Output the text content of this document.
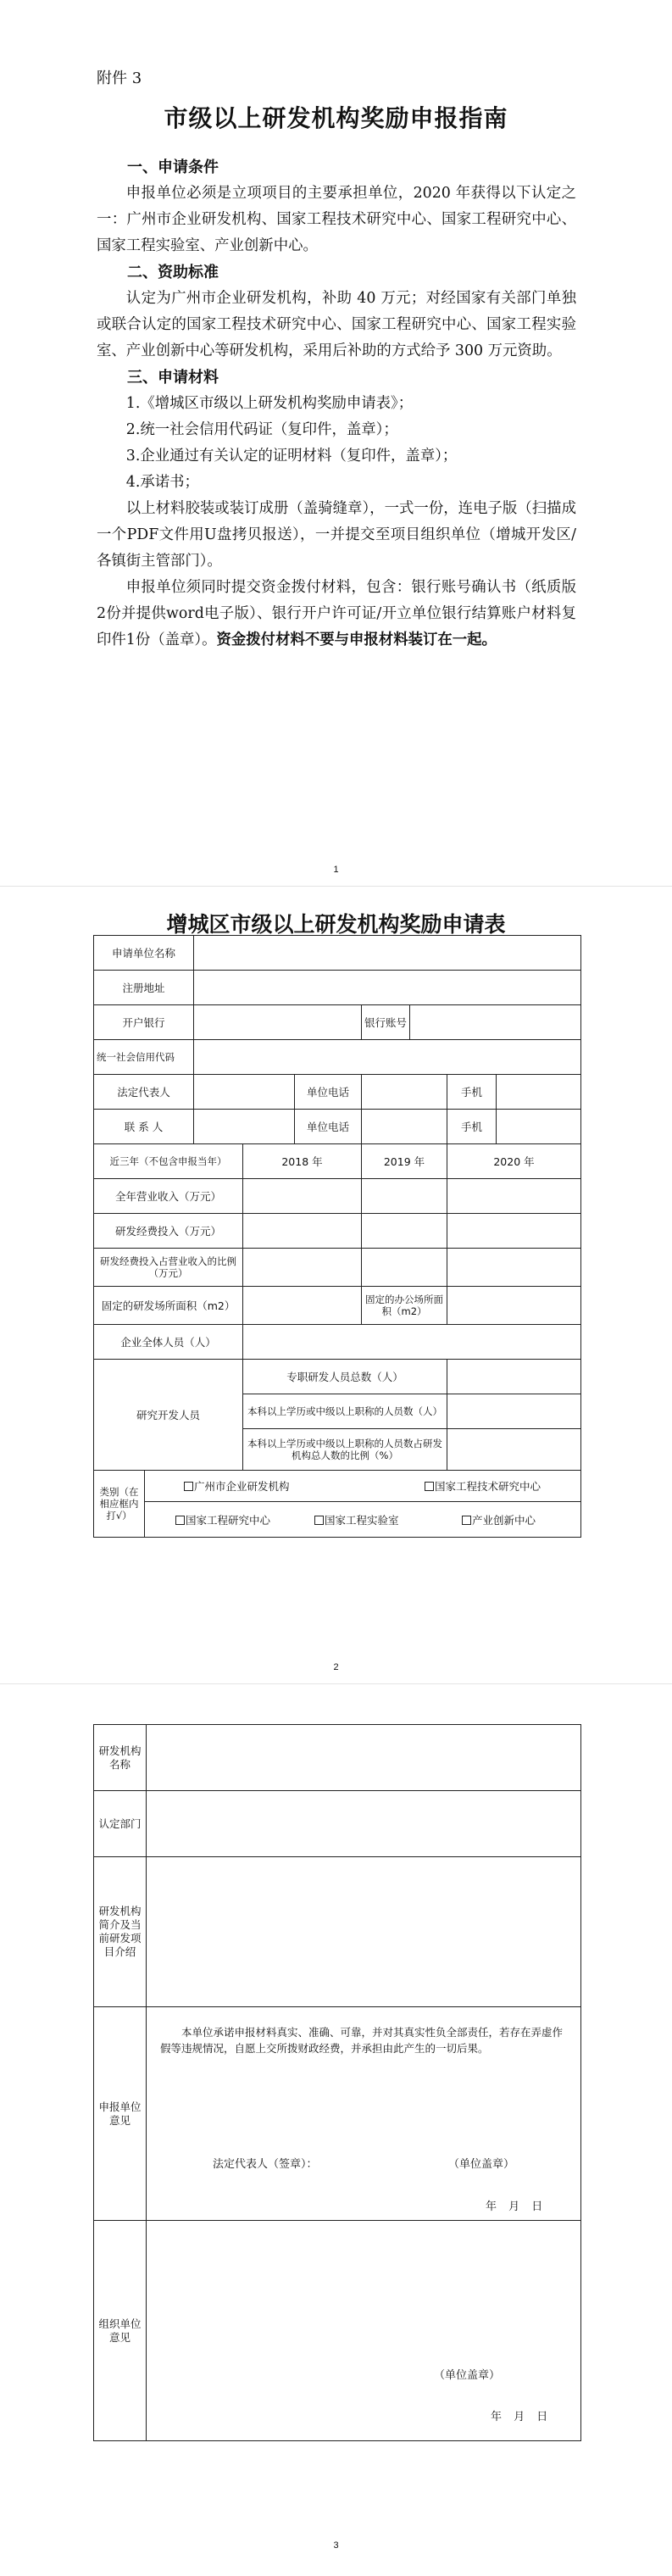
附件 3
市级以上研发机构奖励申报指南

一、申请条件

申报单位必须是立项项目的主要承担单位，2020 年获得以下认定之一：广州市企业研发机构、国家工程技术研究中心、国家工程研究中心、国家工程实验室、产业创新中心。

二、资助标准

认定为广州市企业研发机构，补助 40 万元；对经国家有关部门单独或联合认定的国家工程技术研究中心、国家工程研究中心、国家工程实验室、产业创新中心等研发机构，采用后补助的方式给予 300 万元资助。

三、申请材料

1.《增城区市级以上研发机构奖励申请表》；

2.统一社会信用代码证（复印件，盖章）；

3.企业通过有关认定的证明材料（复印件，盖章）；

4.承诺书；

以上材料胶装或装订成册（盖骑缝章），一式一份，连电子版（扫描成一个PDF文件用U盘拷贝报送），一并提交至项目组织单位（增城开发区/各镇街主管部门）。

申报单位须同时提交资金拨付材料，包含：银行账号确认书（纸质版2份并提供word电子版）、银行开户许可证/开立单位银行结算账户材料复印件1份（盖章）。资金拨付材料不要与申报材料装订在一起。

1
增城区市级以上研发机构奖励申请表
申请单位名称								
注册地址								
开户银行					银行账号			
统一社会信用代码								
法定代表人				单位电话			手机	
联 系 人				单位电话			手机	
近三年（不包含申报当年）			2018 年		2019 年		2020 年	
全年营业收入（万元）								
研发经费投入（万元）								
研发经费投入占营业收入的比例（万元）								
固定的研发场所面积（m2）					固定的办公场所面积（m2）			
企业全体人员（人）								
研究开发人员			专职研发人员总数（人）					
			本科以上学历或中级以上职称的人员数（人）					
			本科以上学历或中级以上职称的人员数占研发机构总人数的比例（%）					
类别（在相应框内打√）	广州市企业研发机构 国家工程技术研究中心							
	国家工程研究中心 国家工程实验室 产业创新中心							
2
研发机构名称	
认定部门	
研发机构简介及当前研发项目介绍	
申报单位意见	本单位承诺申报材料真实、准确、可靠，并对其真实性负全部责任，若存在弄虚作假等违规情况，自愿上交所拨财政经费，并承担由此产生的一切后果。

法定代表人（签章）： （单位盖章）
年 月 日

组织单位意见	（单位盖章）
年 月 日
3
